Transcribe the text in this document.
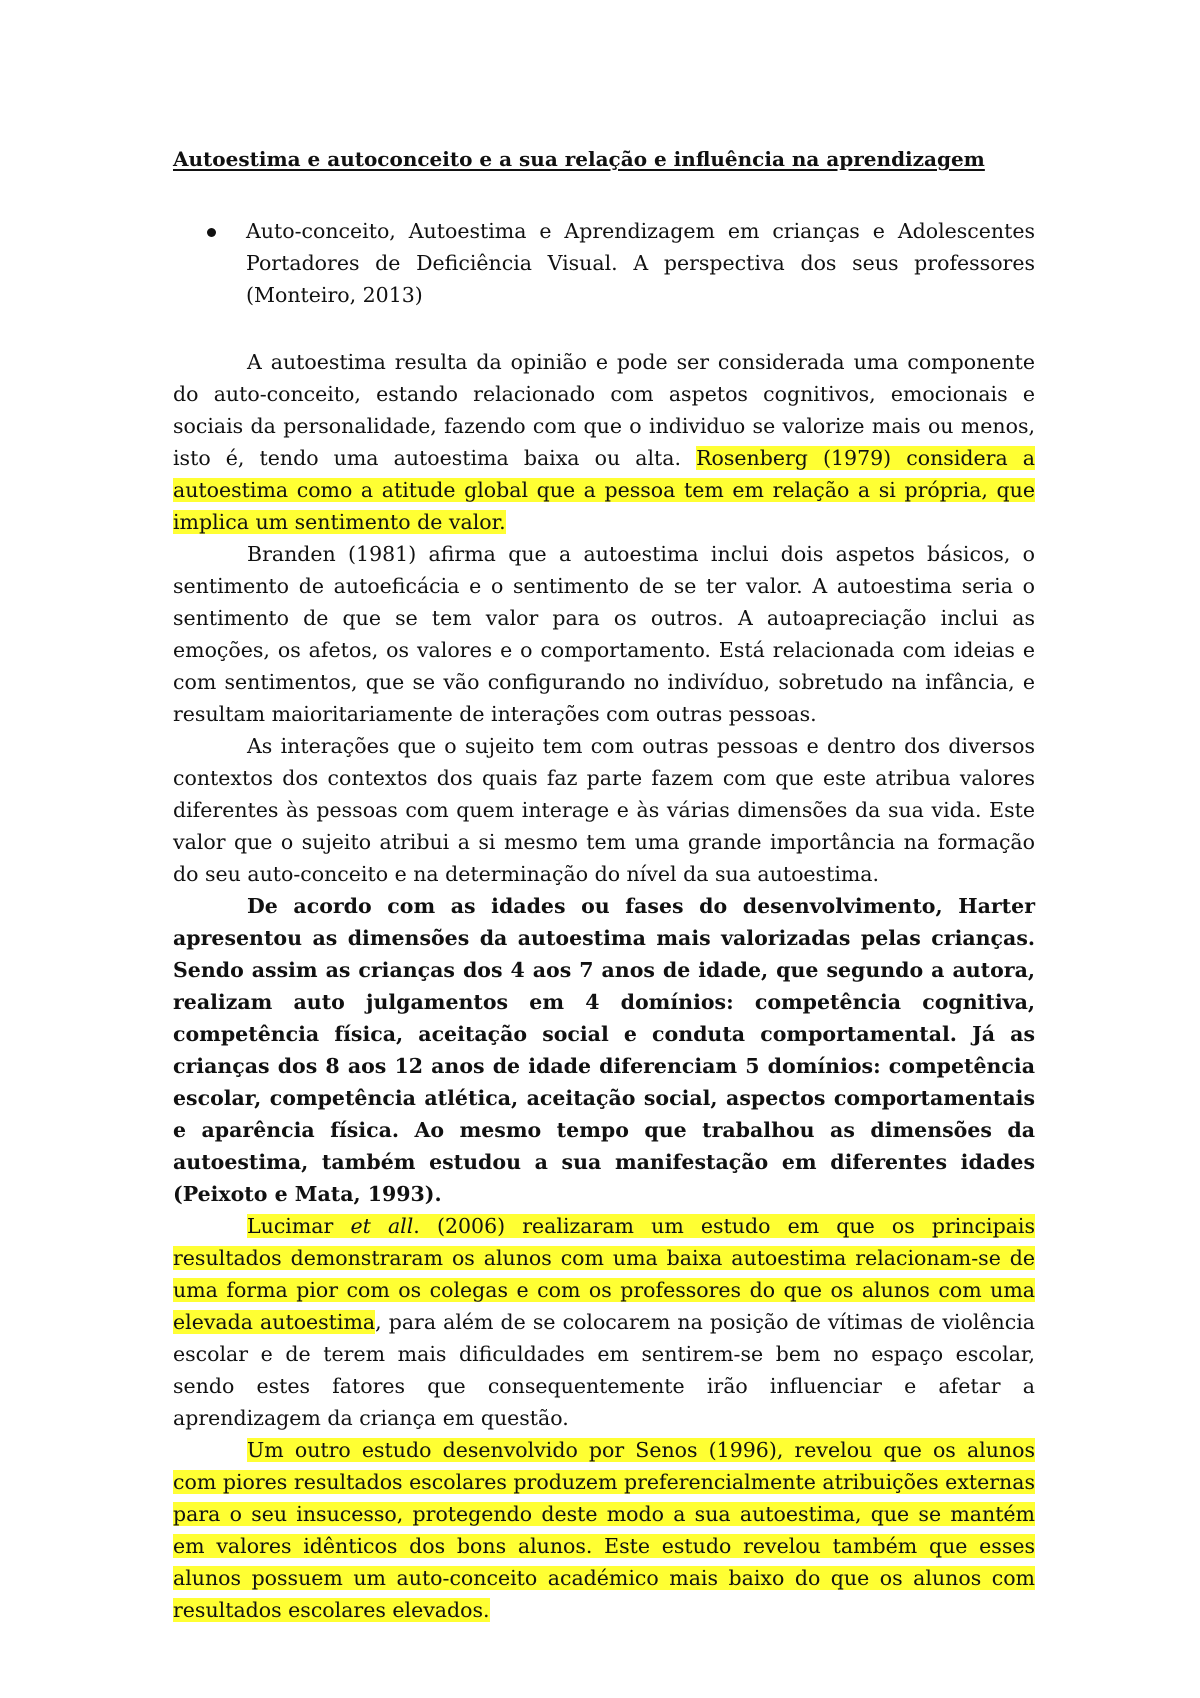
Autoestima e autoconceito e a sua relação e influência na aprendizagem
Auto-conceito, Autoestima e Aprendizagem em crianças e Adolescentes Portadores de Deficiência Visual. A perspectiva dos seus professores (Monteiro, 2013)

A autoestima resulta da opinião e pode ser considerada uma componente do auto-conceito, estando relacionado com aspetos cognitivos, emocionais e sociais da personalidade, fazendo com que o individuo se valorize mais ou menos, isto é, tendo uma autoestima baixa ou alta. Rosenberg (1979) considera a autoestima como a atitude global que a pessoa tem em relação a si própria, que implica um sentimento de valor.

Branden (1981) afirma que a autoestima inclui dois aspetos básicos, o sentimento de autoeficácia e o sentimento de se ter valor. A autoestima seria o sentimento de que se tem valor para os outros. A autoapreciação inclui as emoções, os afetos, os valores e o comportamento. Está relacionada com ideias e com sentimentos, que se vão configurando no indivíduo, sobretudo na infância, e resultam maioritariamente de interações com outras pessoas.

As interações que o sujeito tem com outras pessoas e dentro dos diversos contextos dos contextos dos quais faz parte fazem com que este atribua valores diferentes às pessoas com quem interage e às várias dimensões da sua vida. Este valor que o sujeito atribui a si mesmo tem uma grande importância na formação do seu auto-conceito e na determinação do nível da sua autoestima.

De acordo com as idades ou fases do desenvolvimento, Harter apresentou as dimensões da autoestima mais valorizadas pelas crianças. Sendo assim as crianças dos 4 aos 7 anos de idade, que segundo a autora, realizam auto julgamentos em 4 domínios: competência cognitiva, competência física, aceitação social e conduta comportamental. Já as crianças dos 8 aos 12 anos de idade diferenciam 5 domínios: competência escolar, competência atlética, aceitação social, aspectos comportamentais e aparência física. Ao mesmo tempo que trabalhou as dimensões da autoestima, também estudou a sua manifestação em diferentes idades (Peixoto e Mata, 1993).

Lucimar et all. (2006) realizaram um estudo em que os principais resultados demonstraram os alunos com uma baixa autoestima relacionam-se de uma forma pior com os colegas e com os professores do que os alunos com uma elevada autoestima, para além de se colocarem na posição de vítimas de violência escolar e de terem mais dificuldades em sentirem-se bem no espaço escolar, sendo estes fatores que consequentemente irão influenciar e afetar a aprendizagem da criança em questão.

Um outro estudo desenvolvido por Senos (1996), revelou que os alunos com piores resultados escolares produzem preferencialmente atribuições externas para o seu insucesso, protegendo deste modo a sua autoestima, que se mantém em valores idênticos dos bons alunos. Este estudo revelou também que esses alunos possuem um auto-conceito académico mais baixo do que os alunos com resultados escolares elevados.
